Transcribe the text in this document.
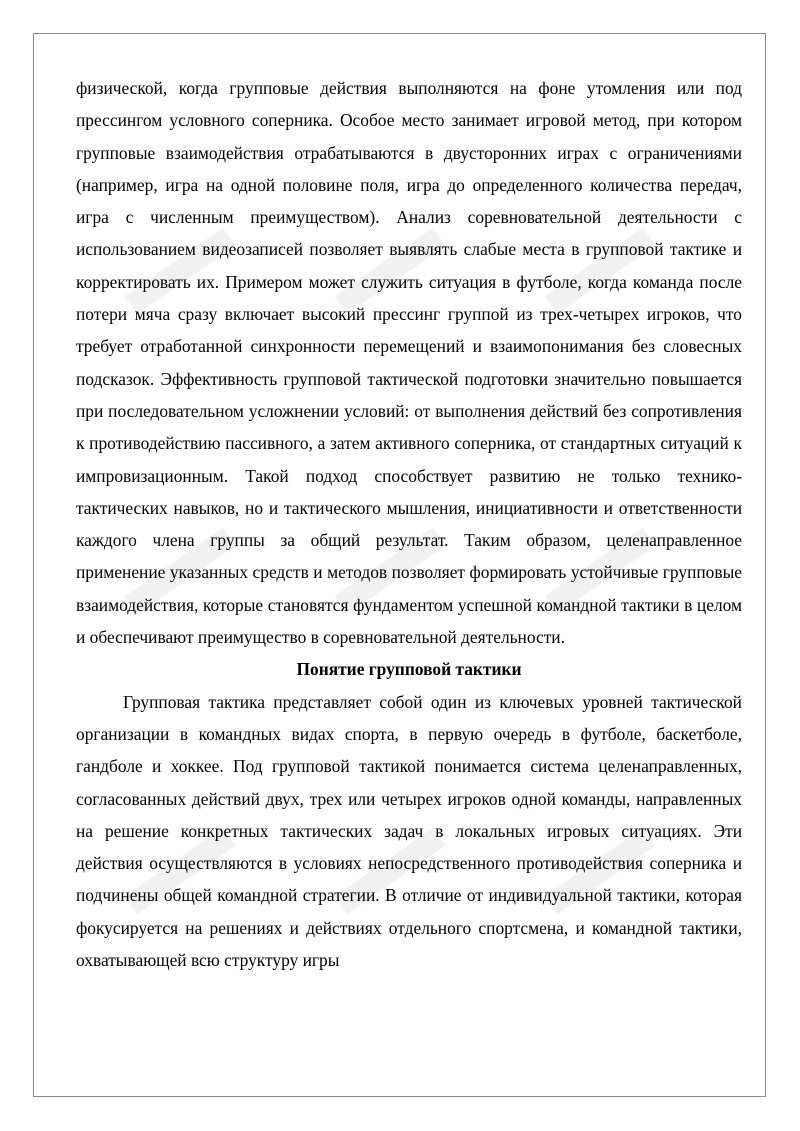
физической, когда групповые действия выполняются на фоне утомления или под прессингом условного соперника. Особое место занимает игровой метод, при котором групповые взаимодействия отрабатываются в двусторонних играх с ограничениями (например, игра на одной половине поля, игра до определенного количества передач, игра с численным преимуществом). Анализ соревновательной деятельности с использованием видеозаписей позволяет выявлять слабые места в групповой тактике и корректировать их. Примером может служить ситуация в футболе, когда команда после потери мяча сразу включает высокий прессинг группой из трех-четырех игроков, что требует отработанной синхронности перемещений и взаимопонимания без словесных подсказок. Эффективность групповой тактической подготовки значительно повышается при последовательном усложнении условий: от выполнения действий без сопротивления к противодействию пассивного, а затем активного соперника, от стандартных ситуаций к импровизационным. Такой подход способствует развитию не только технико-тактических навыков, но и тактического мышления, инициативности и ответственности каждого члена группы за общий результат. Таким образом, целенаправленное применение указанных средств и методов позволяет формировать устойчивые групповые взаимодействия, которые становятся фундаментом успешной командной тактики в целом и обеспечивают преимущество в соревновательной деятельности.

Понятие групповой тактики

Групповая тактика представляет собой один из ключевых уровней тактической организации в командных видах спорта, в первую очередь в футболе, баскетболе, гандболе и хоккее. Под групповой тактикой понимается система целенаправленных, согласованных действий двух, трех или четырех игроков одной команды, направленных на решение конкретных тактических задач в локальных игровых ситуациях. Эти действия осуществляются в условиях непосредственного противодействия соперника и подчинены общей командной стратегии. В отличие от индивидуальной тактики, которая фокусируется на решениях и действиях отдельного спортсмена, и командной тактики, охватывающей всю структуру игры
